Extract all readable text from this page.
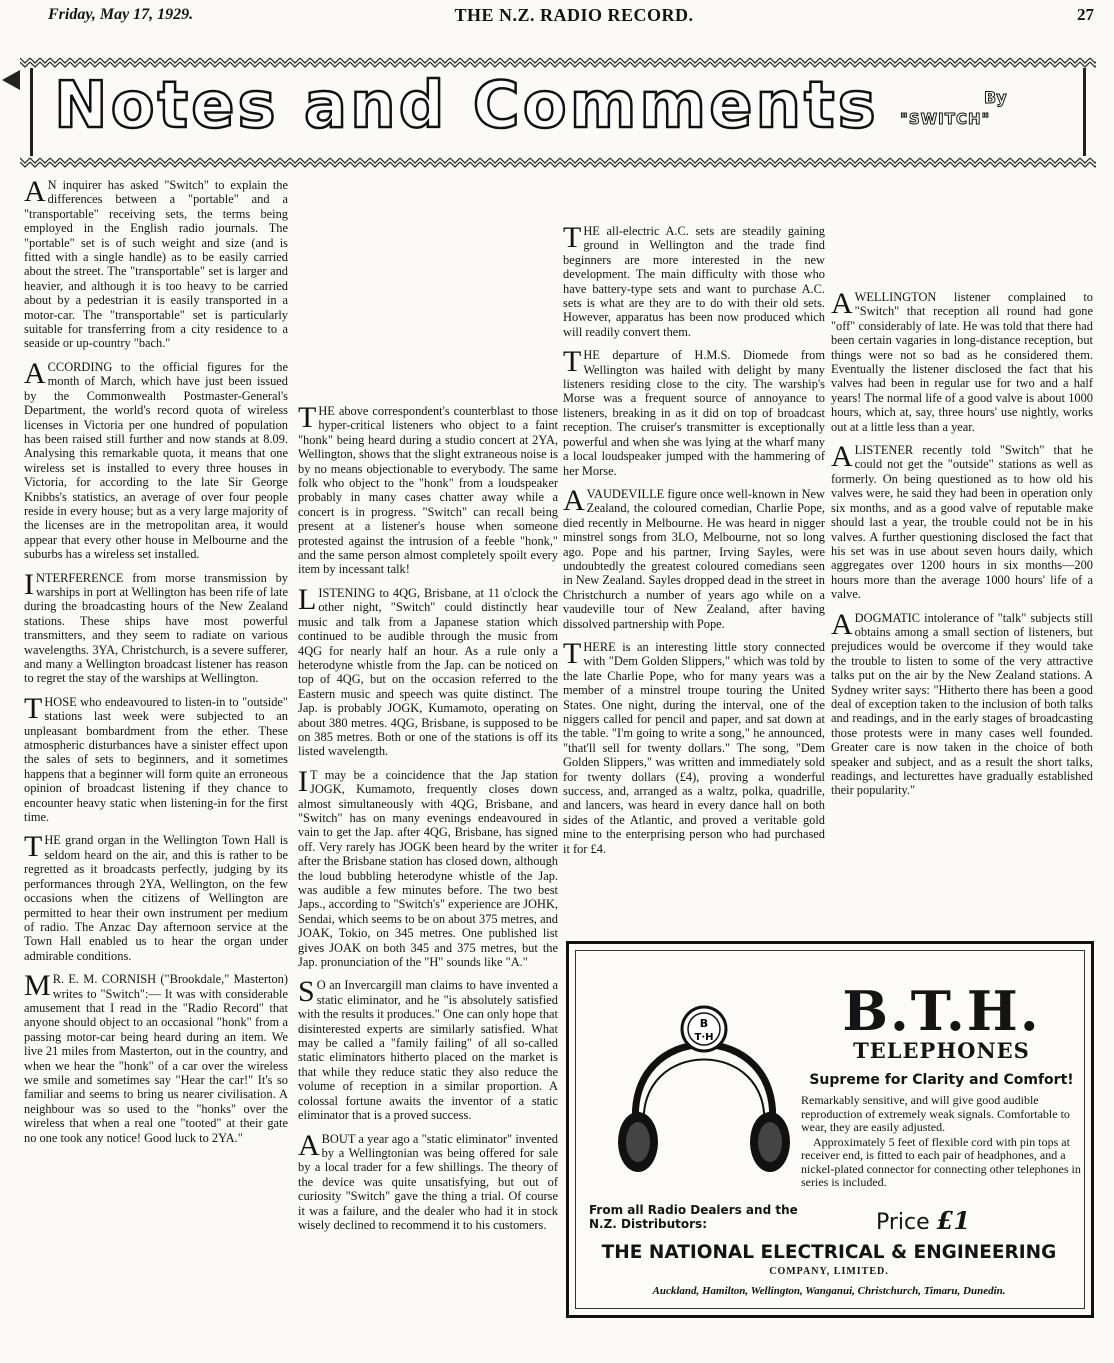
Friday, May 17, 1929.	THE N.Z. RADIO RECORD.	27
Notes and Comments	By
"SWITCH"

A N inquirer has asked "Switch" to explain the differences between a "portable" and a "transportable" receiving sets, the terms being employed in the English radio journals. The "portable" set is of such weight and size (and is fitted with a single handle) as to be easily carried about the street. The "transportable" set is larger and heavier, and although it is too heavy to be carried about by a pedestrian it is easily transported in a motor-car. The "transportable" set is particularly suitable for transferring from a city residence to a seaside or up-country "bach."

ACCORDING to the official figures for the month of March, which have just been issued by the Commonwealth Postmaster-General's Department, the world's record quota of wireless licenses in Victoria per one hundred of population has been raised still further and now stands at 8.09. Analysing this remarkable quota, it means that one wireless set is installed to every three houses in Victoria, for according to the late Sir George Knibbs's statistics, an average of over four people reside in every house; but as a very large majority of the licenses are in the metropolitan area, it would appear that every other house in Melbourne and the suburbs has a wireless set installed.

INTERFERENCE from morse transmission by warships in port at Wellington has been rife of late during the broadcasting hours of the New Zealand stations. These ships have most powerful transmitters, and they seem to radiate on various wavelengths. 3YA, Christchurch, is a severe sufferer, and many a Wellington broadcast listener has reason to regret the stay of the warships at Wellington.

THOSE who endeavoured to listen-in to "outside" stations last week were subjected to an unpleasant bombardment from the ether. These atmospheric disturbances have a sinister effect upon the sales of sets to beginners, and it sometimes happens that a beginner will form quite an erroneous opinion of broadcast listening if they chance to encounter heavy static when listening-in for the first time.

THE grand organ in the Wellington Town Hall is seldom heard on the air, and this is rather to be regretted as it broadcasts perfectly, judging by its performances through 2YA, Wellington, on the few occasions when the citizens of Wellington are permitted to hear their own instrument per medium of radio. The Anzac Day afternoon service at the Town Hall enabled us to hear the organ under admirable conditions.

M R. E. M. CORNISH ("Brookdale," Masterton) writes to "Switch":— It was with considerable amusement that I read in the "Radio Record" that anyone should object to an occasional "honk" from a passing motor-car being heard during an item. We live 21 miles from Masterton, out in the country, and when we hear the "honk" of a car over the wireless we smile and sometimes say "Hear the car!" It's so familiar and seems to bring us nearer civilisation. A neighbour was so used to the "honks" over the wireless that when a real one "tooted" at their gate no one took any notice! Good luck to 2YA."

THE above correspondent's counterblast to those hyper-critical listeners who object to a faint "honk" being heard during a studio concert at 2YA, Wellington, shows that the slight extraneous noise is by no means objectionable to everybody. The same folk who object to the "honk" from a loudspeaker probably in many cases chatter away while a concert is in progress. "Switch" can recall being present at a listener's house when someone protested against the intrusion of a feeble "honk," and the same person almost completely spoilt every item by incessant talk!

LISTENING to 4QG, Brisbane, at 11 o'clock the other night, "Switch" could distinctly hear music and talk from a Japanese station which continued to be audible through the music from 4QG for nearly half an hour. As a rule only a heterodyne whistle from the Jap. can be noticed on top of 4QG, but on the occasion referred to the Eastern music and speech was quite distinct. The Jap. is probably JOGK, Kumamoto, operating on about 380 metres. 4QG, Brisbane, is supposed to be on 385 metres. Both or one of the stations is off its listed wavelength.

I T may be a coincidence that the Jap station JOGK, Kumamoto, frequently closes down almost simultaneously with 4QG, Brisbane, and "Switch" has on many evenings endeavoured in vain to get the Jap. after 4QG, Brisbane, has signed off. Very rarely has JOGK been heard by the writer after the Brisbane station has closed down, although the loud bubbling heterodyne whistle of the Jap. was audible a few minutes before. The two best Japs., according to "Switch's" experience are JOHK, Sendai, which seems to be on about 375 metres, and JOAK, Tokio, on 345 metres. One published list gives JOAK on both 345 and 375 metres, but the Jap. pronunciation of the "H" sounds like "A."

S O an Invercargill man claims to have invented a static eliminator, and he "is absolutely satisfied with the results it produces." One can only hope that disinterested experts are similarly satisfied. What may be called a "family failing" of all so-called static eliminators hitherto placed on the market is that while they reduce static they also reduce the volume of reception in a similar proportion. A colossal fortune awaits the inventor of a static eliminator that is a proved success.

ABOUT a year ago a "static eliminator" invented by a Wellingtonian was being offered for sale by a local trader for a few shillings. The theory of the device was quite unsatisfying, but out of curiosity "Switch" gave the thing a trial. Of course it was a failure, and the dealer who had it in stock wisely declined to recommend it to his customers.

THE all-electric A.C. sets are steadily gaining ground in Wellington and the trade find beginners are more interested in the new development. The main difficulty with those who have battery-type sets and want to purchase A.C. sets is what are they are to do with their old sets. However, apparatus has been now produced which will readily convert them.

THE departure of H.M.S. Diomede from Wellington was hailed with delight by many listeners residing close to the city. The warship's Morse was a frequent source of annoyance to listeners, breaking in as it did on top of broadcast reception. The cruiser's transmitter is exceptionally powerful and when she was lying at the wharf many a local loudspeaker jumped with the hammering of her Morse.

AVAUDEVILLE figure once well-known in New Zealand, the coloured comedian, Charlie Pope, died recently in Melbourne. He was heard in nigger minstrel songs from 3LO, Melbourne, not so long ago. Pope and his partner, Irving Sayles, were undoubtedly the greatest coloured comedians seen in New Zealand. Sayles dropped dead in the street in Christchurch a number of years ago while on a vaudeville tour of New Zealand, after having dissolved partnership with Pope.

THERE is an interesting little story connected with "Dem Golden Slippers," which was told by the late Charlie Pope, who for many years was a member of a minstrel troupe touring the United States. One night, during the interval, one of the niggers called for pencil and paper, and sat down at the table. "I'm going to write a song," he announced, "that'll sell for twenty dollars." The song, "Dem Golden Slippers," was written and immediately sold for twenty dollars (£4), proving a wonderful success, and, arranged as a waltz, polka, quadrille, and lancers, was heard in every dance hall on both sides of the Atlantic, and proved a veritable gold mine to the enterprising person who had purchased it for £4.

A WELLINGTON listener complained to "Switch" that reception all round had gone "off" considerably of late. He was told that there had been certain vagaries in long-distance reception, but things were not so bad as he considered them. Eventually the listener disclosed the fact that his valves had been in regular use for two and a half years! The normal life of a good valve is about 1000 hours, which at, say, three hours' use nightly, works out at a little less than a year.

A LISTENER recently told "Switch" that he could not get the "outside" stations as well as formerly. On being questioned as to how old his valves were, he said they had been in operation only six months, and as a good valve of reputable make should last a year, the trouble could not be in his valves. A further questioning disclosed the fact that his set was in use about seven hours daily, which aggregates over 1200 hours in six months—200 hours more than the average 1000 hours' life of a valve.

A DOGMATIC intolerance of "talk" subjects still obtains among a small section of listeners, but prejudices would be overcome if they would take the trouble to listen to some of the very attractive talks put on the air by the New Zealand stations. A Sydney writer says: "Hitherto there has been a good deal of exception taken to the inclusion of both talks and readings, and in the early stages of broadcasting those protests were in many cases well founded. Greater care is now taken in the choice of both speaker and subject, and as a result the short talks, readings, and lecturettes have gradually established their popularity."

B
T·H	B.T.H.
TELEPHONES
Supreme for Clarity and Comfort!

Remarkably sensitive, and will give good audible reproduction of extremely weak signals. Comfortable to wear, they are easily adjusted.

Approximately 5 feet of flexible cord with pin tops at receiver end, is fitted to each pair of headphones, and a nickel-plated connector for connecting other telephones in series is included.

From all Radio Dealers and the N.Z. Distributors:	Price £1
THE NATIONAL ELECTRICAL & ENGINEERING
COMPANY, LIMITED.
Auckland, Hamilton, Wellington, Wanganui, Christchurch, Timaru, Dunedin.
